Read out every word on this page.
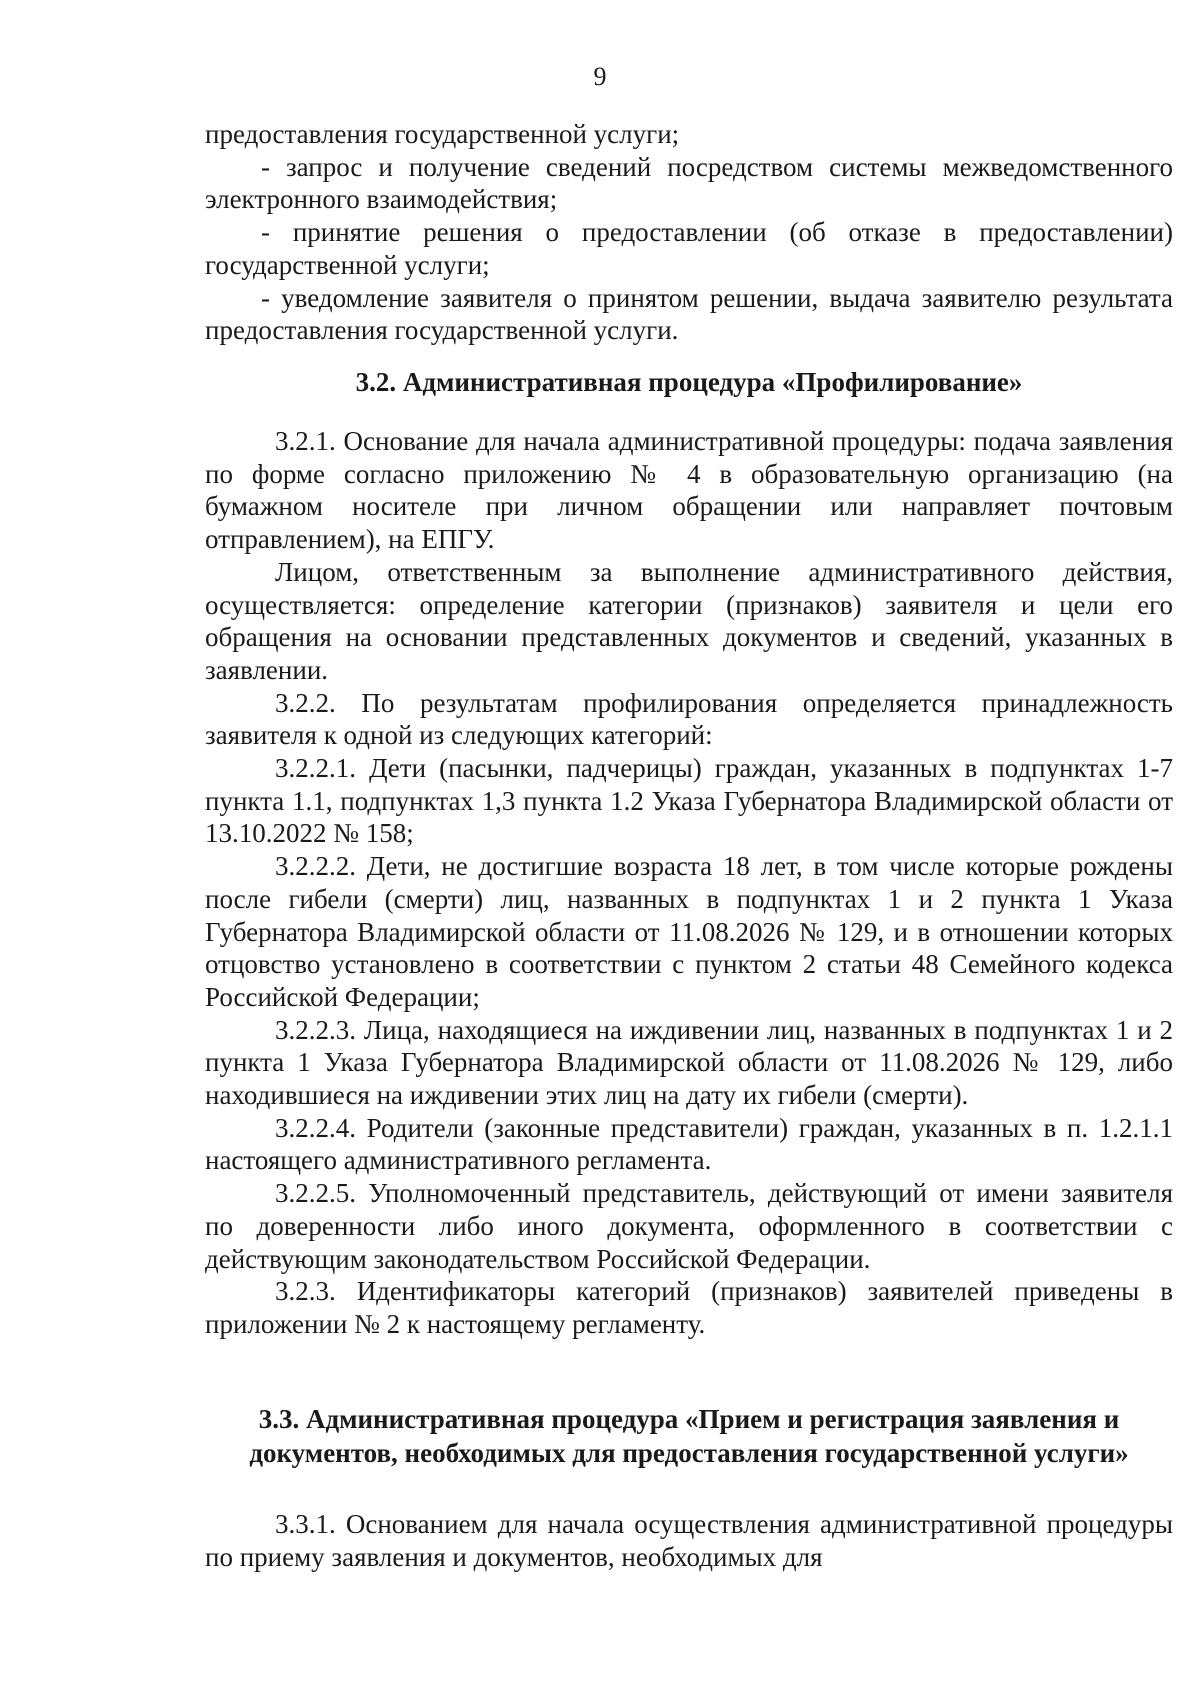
9

предоставления государственной услуги;

- запрос и получение сведений посредством системы межведомственного электронного взаимодействия;

- принятие решения о предоставлении (об отказе в предоставлении) государственной услуги;

- уведомление заявителя о принятом решении, выдача заявителю результата предоставления государственной услуги.

3.2. Административная процедура «Профилирование»

3.2.1. Основание для начала административной процедуры: подача заявления по форме согласно приложению № 4 в образовательную организацию (на бумажном носителе при личном обращении или направляет почтовым отправлением), на ЕПГУ.

Лицом, ответственным за выполнение административного действия, осуществляется: определение категории (признаков) заявителя и цели его обращения на основании представленных документов и сведений, указанных в заявлении.

3.2.2. По результатам профилирования определяется принадлежность заявителя к одной из следующих категорий:

3.2.2.1. Дети (пасынки, падчерицы) граждан, указанных в подпунктах 1-7 пункта 1.1, подпунктах 1,3 пункта 1.2 Указа Губернатора Владимирской области от 13.10.2022 № 158;

3.2.2.2. Дети, не достигшие возраста 18 лет, в том числе которые рождены после гибели (смерти) лиц, названных в подпунктах 1 и 2 пункта 1 Указа Губернатора Владимирской области от 11.08.2026 № 129, и в отношении которых отцовство установлено в соответствии с пунктом 2 статьи 48 Семейного кодекса Российской Федерации;

3.2.2.3. Лица, находящиеся на иждивении лиц, названных в подпунктах 1 и 2 пункта 1 Указа Губернатора Владимирской области от 11.08.2026 № 129, либо находившиеся на иждивении этих лиц на дату их гибели (смерти).

3.2.2.4. Родители (законные представители) граждан, указанных в п. 1.2.1.1 настоящего административного регламента.

3.2.2.5. Уполномоченный представитель, действующий от имени заявителя по доверенности либо иного документа, оформленного в соответствии с действующим законодательством Российской Федерации.

3.2.3. Идентификаторы категорий (признаков) заявителей приведены в приложении № 2 к настоящему регламенту.

3.3. Административная процедура «Прием и регистрация заявления и
документов, необходимых для предоставления государственной услуги»

3.3.1. Основанием для начала осуществления административной процедуры по приему заявления и документов, необходимых для
